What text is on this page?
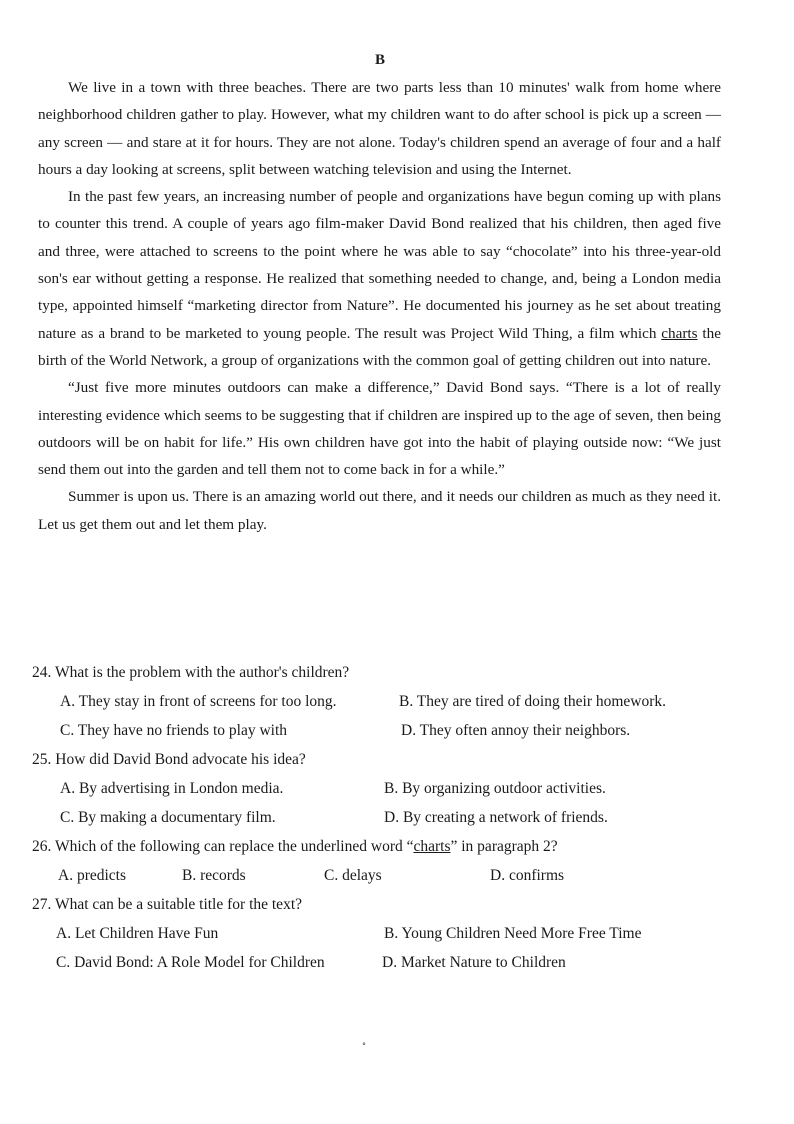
B

We live in a town with three beaches. There are two parts less than 10 minutes' walk from home where neighborhood children gather to play. However, what my children want to do after school is pick up a screen — any screen — and stare at it for hours. They are not alone. Today's children spend an average of four and a half hours a day looking at screens, split between watching television and using the Internet.

In the past few years, an increasing number of people and organizations have begun coming up with plans to counter this trend. A couple of years ago film-maker David Bond realized that his children, then aged five and three, were attached to screens to the point where he was able to say “chocolate” into his three-year-old son's ear without getting a response. He realized that something needed to change, and, being a London media type, appointed himself “marketing director from Nature”. He documented his journey as he set about treating nature as a brand to be marketed to young people. The result was Project Wild Thing, a film which charts the birth of the World Network, a group of organizations with the common goal of getting children out into nature.

“Just five more minutes outdoors can make a difference,” David Bond says. “There is a lot of really interesting evidence which seems to be suggesting that if children are inspired up to the age of seven, then being outdoors will be on habit for life.” His own children have got into the habit of playing outside now: “We just send them out into the garden and tell them not to come back in for a while.”

Summer is upon us. There is an amazing world out there, and it needs our children as much as they need it. Let us get them out and let them play.

24. What is the problem with the author's children?
A. They stay in front of screens for too long.	B. They are tired of doing their homework.
C. They have no friends to play with	D. They often annoy their neighbors.
25. How did David Bond advocate his idea?
A. By advertising in London media.	B. By organizing outdoor activities.
C. By making a documentary film.	D. By creating a network of friends.
26. Which of the following can replace the underlined word “charts” in paragraph 2?
A. predicts	B. records	C. delays	D. confirms
27. What can be a suitable title for the text?
A. Let Children Have Fun	B. Young Children Need More Free Time
C. David Bond: A Role Model for Children	D. Market Nature to Children
˚
